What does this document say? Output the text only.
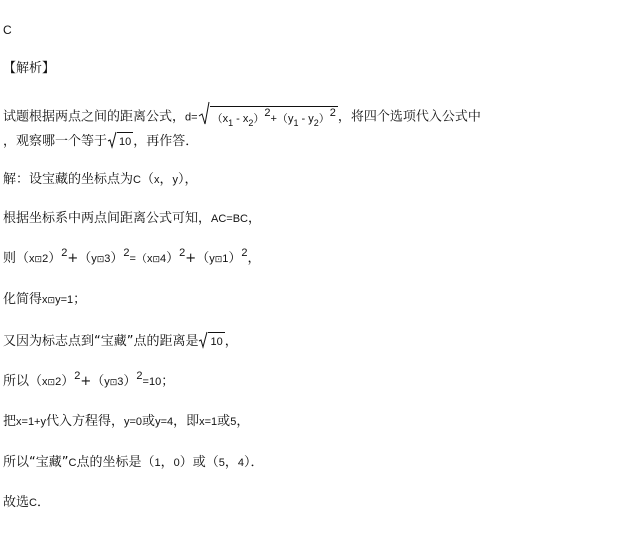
C
【解析】
试题根据两点之间的距离公式，$d= (x_1 - x_2)^2+(y_1 - y_2)^2$ ，将四个选项代入公式中
，观察哪一个等于 10 ，再作答．
解：设宝藏的坐标点为C（x，y），
根据坐标系中两点间距离公式可知，AC=BC，
则（x⊡2）$^2$+（y⊡3）$^2$=（x⊡4）$^2$+（y⊡1）$^2$，
化简得x⊡y=1；
又因为标志点到“宝藏”点的距离是 10 ，
所以（x⊡2）$^2$+（y⊡3）$^2$=10；
把x=1+y代入方程得，y=0或y=4，即x=1或5，
所以“宝藏”C点的坐标是（1，0）或（5，4）．
故选C．
